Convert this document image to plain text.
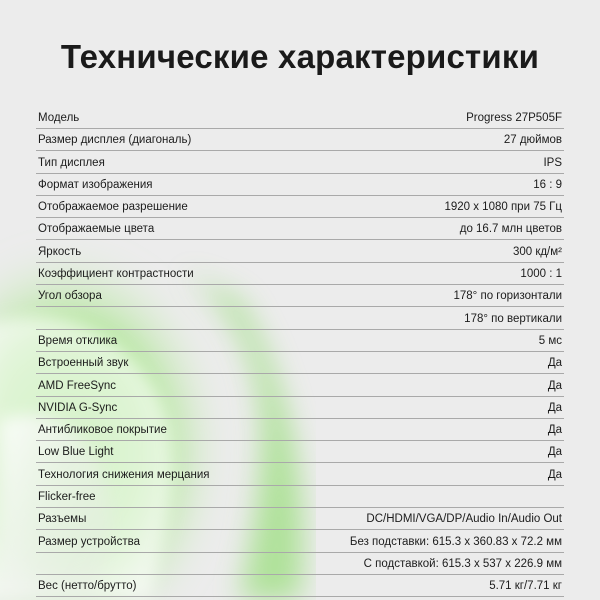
Технические характеристики
Модель	Progress 27P505F
Размер дисплея (диагональ)	27 дюймов
Тип дисплея	IPS
Формат изображения	16 : 9
Отображаемое разрешение	1920 x 1080 при 75 Гц
Отображаемые цвета	до 16.7 млн цветов
Яркость	300 кд/м²
Коэффициент контрастности	1000 : 1
Угол обзора	178° по горизонтали
178° по вертикали
Время отклика	5 мс
Встроенный звук	Да
AMD FreeSync	Да
NVIDIA G-Sync	Да
Антибликовое покрытие	Да
Low Blue Light	Да
Технология снижения мерцания	Да
Flicker-free
Разъемы	DC/HDMI/VGA/DP/Audio In/Audio Out
Размер устройства	Без подставки: 615.3 x 360.83 x 72.2 мм
С подставкой: 615.3 x 537 x 226.9 мм
Вес (нетто/брутто)	5.71 кг/7.71 кг
